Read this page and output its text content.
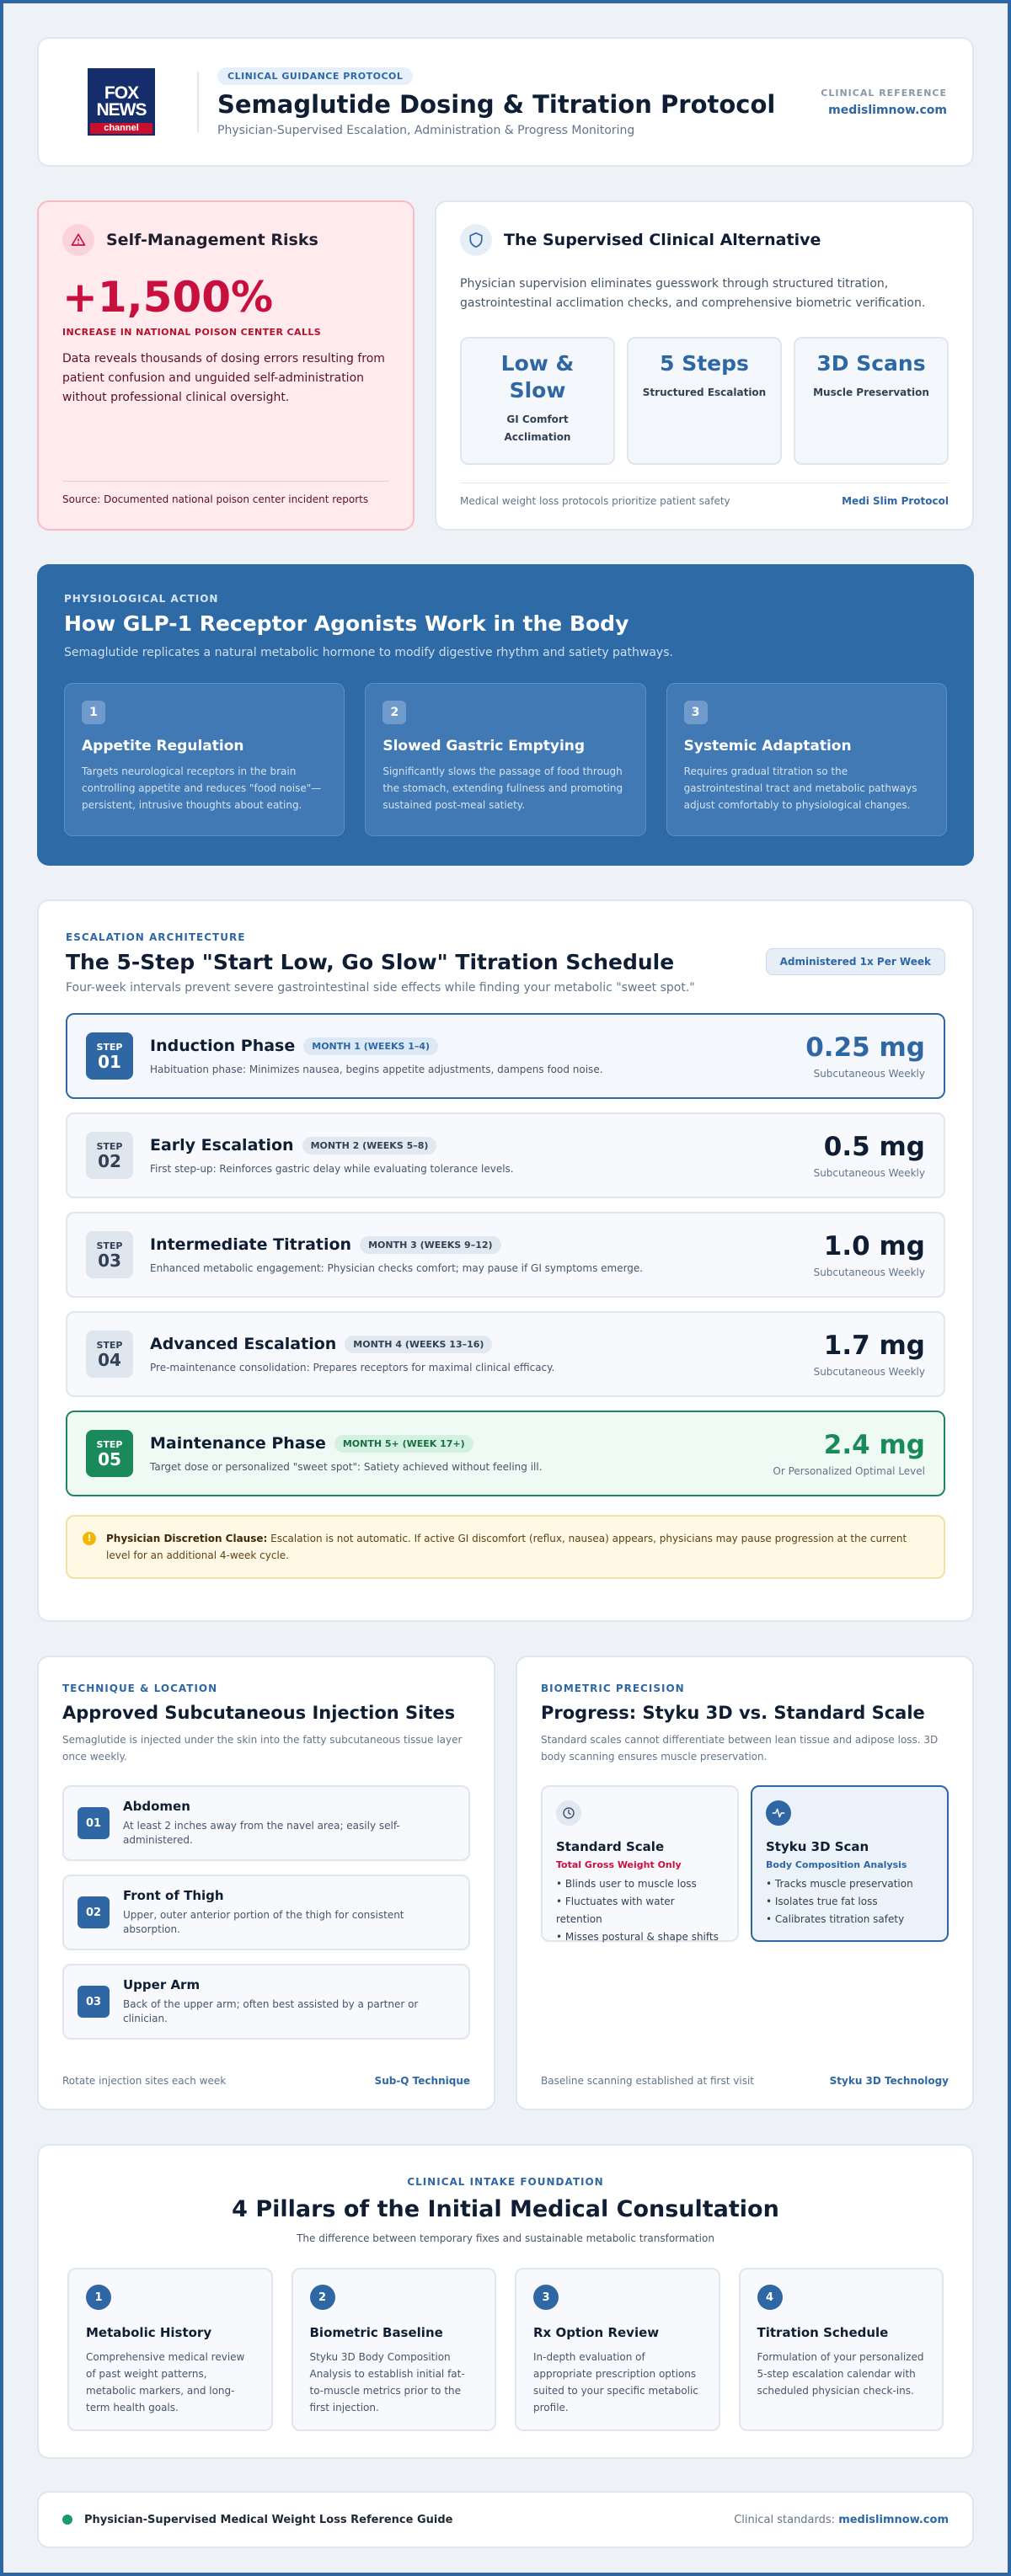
FOX
NEWS
channel
CLINICAL GUIDANCE PROTOCOL
Semaglutide Dosing & Titration Protocol
Physician-Supervised Escalation, Administration & Progress Monitoring
CLINICAL REFERENCE
medislimnow.com
Self-Management Risks
+1,500%
INCREASE IN NATIONAL POISON CENTER CALLS
Data reveals thousands of dosing errors resulting from patient confusion and unguided self-administration without professional clinical oversight.
Source: Documented national poison center incident reports
The Supervised Clinical Alternative
Physician supervision eliminates guesswork through structured titration, gastrointestinal acclimation checks, and comprehensive biometric verification.
Low & Slow
GI Comfort Acclimation
5 Steps
Structured Escalation
3D Scans
Muscle Preservation
Medical weight loss protocols prioritize patient safety	Medi Slim Protocol
PHYSIOLOGICAL ACTION
How GLP-1 Receptor Agonists Work in the Body
Semaglutide replicates a natural metabolic hormone to modify digestive rhythm and satiety pathways.
1
Appetite Regulation

Targets neurological receptors in the brain controlling appetite and reduces "food noise"—persistent, intrusive thoughts about eating.

2
Slowed Gastric Emptying

Significantly slows the passage of food through the stomach, extending fullness and promoting sustained post-meal satiety.

3
Systemic Adaptation

Requires gradual titration so the gastrointestinal tract and metabolic pathways adjust comfortably to physiological changes.

ESCALATION ARCHITECTURE
The 5-Step "Start Low, Go Slow" Titration Schedule
Four-week intervals prevent severe gastrointestinal side effects while finding your metabolic "sweet spot."
Administered 1x Per Week
STEP
01
Induction Phase	MONTH 1 (WEEKS 1–4)
Habituation phase: Minimizes nausea, begins appetite adjustments, dampens food noise.
0.25 mg
Subcutaneous Weekly
STEP
02
Early Escalation	MONTH 2 (WEEKS 5–8)
First step-up: Reinforces gastric delay while evaluating tolerance levels.
0.5 mg
Subcutaneous Weekly
STEP
03
Intermediate Titration	MONTH 3 (WEEKS 9–12)
Enhanced metabolic engagement: Physician checks comfort; may pause if GI symptoms emerge.
1.0 mg
Subcutaneous Weekly
STEP
04
Advanced Escalation	MONTH 4 (WEEKS 13–16)
Pre-maintenance consolidation: Prepares receptors for maximal clinical efficacy.
1.7 mg
Subcutaneous Weekly
STEP
05
Maintenance Phase	MONTH 5+ (WEEK 17+)
Target dose or personalized "sweet spot": Satiety achieved without feeling ill.
2.4 mg
Or Personalized Optimal Level
!	Physician Discretion Clause: Escalation is not automatic. If active GI discomfort (reflux, nausea) appears, physicians may pause progression at the current level for an additional 4-week cycle.
TECHNIQUE & LOCATION
Approved Subcutaneous Injection Sites
Semaglutide is injected under the skin into the fatty subcutaneous tissue layer once weekly.
01
Abdomen

At least 2 inches away from the navel area; easily self-administered.

02
Front of Thigh

Upper, outer anterior portion of the thigh for consistent absorption.

03
Upper Arm

Back of the upper arm; often best assisted by a partner or clinician.

Rotate injection sites each week	Sub-Q Technique
BIOMETRIC PRECISION
Progress: Styku 3D vs. Standard Scale
Standard scales cannot differentiate between lean tissue and adipose loss. 3D body scanning ensures muscle preservation.
Standard Scale
Total Gross Weight Only
• Blinds user to muscle loss
• Fluctuates with water retention
• Misses postural & shape shifts
Styku 3D Scan
Body Composition Analysis
• Tracks muscle preservation
• Isolates true fat loss
• Calibrates titration safety
Baseline scanning established at first visit	Styku 3D Technology
CLINICAL INTAKE FOUNDATION
4 Pillars of the Initial Medical Consultation
The difference between temporary fixes and sustainable metabolic transformation
1
Metabolic History

Comprehensive medical review of past weight patterns, metabolic markers, and long-term health goals.

2
Biometric Baseline

Styku 3D Body Composition Analysis to establish initial fat-to-muscle metrics prior to the first injection.

3
Rx Option Review

In-depth evaluation of appropriate prescription options suited to your specific metabolic profile.

4
Titration Schedule

Formulation of your personalized 5-step escalation calendar with scheduled physician check-ins.

Physician-Supervised Medical Weight Loss Reference Guide	Clinical standards: medislimnow.com
